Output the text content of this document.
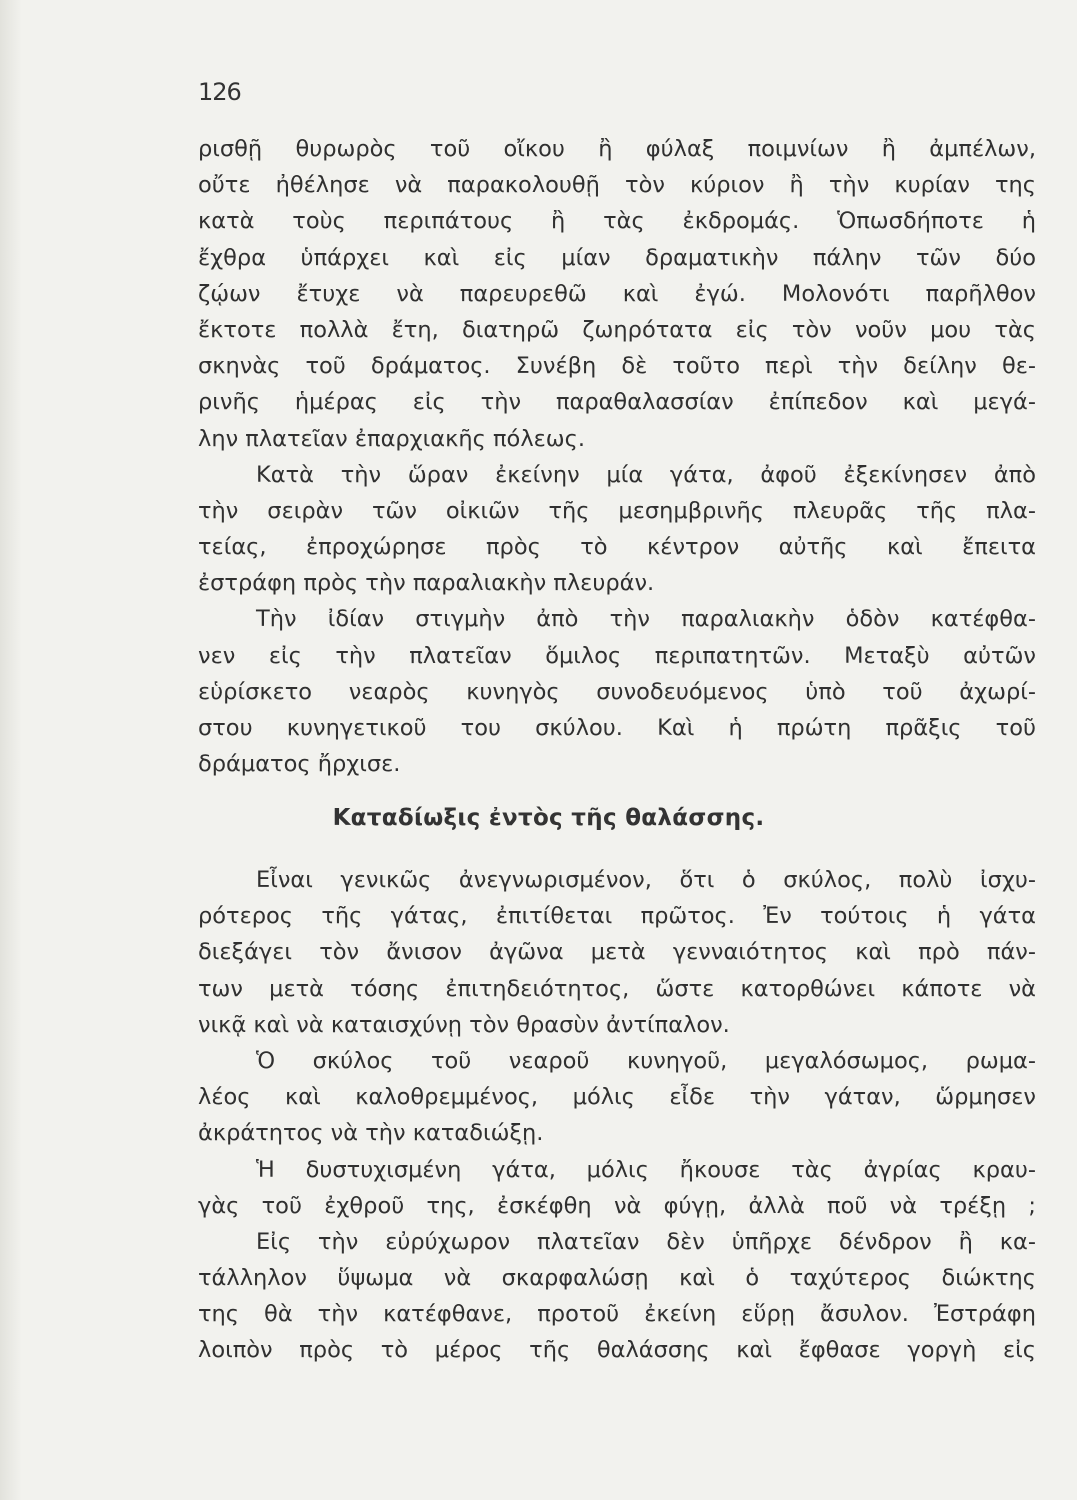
126
ρισθῇ θυρωρὸς τοῦ οἴκου ἢ φύλαξ ποιμνίων ἢ ἀμπέλων,
οὔτε ἠθέλησε νὰ παρακολουθῇ τὸν κύριον ἢ τὴν κυρίαν της
κατὰ τοὺς περιπάτους ἢ τὰς ἐκδρομάς. Ὁπωσδήποτε ἡ
ἔχθρα ὑπάρχει καὶ εἰς μίαν δραματικὴν πάλην τῶν δύο
ζῴων ἔτυχε νὰ παρευρεθῶ καὶ ἐγώ. Μολονότι παρῆλθον
ἔκτοτε πολλὰ ἔτη, διατηρῶ ζωηρότατα εἰς τὸν νοῦν μου τὰς
σκηνὰς τοῦ δράματος. Συνέβη δὲ τοῦτο περὶ τὴν δείλην θε-
ρινῆς ἡμέρας εἰς τὴν παραθαλασσίαν ἐπίπεδον καὶ μεγά-
λην πλατεῖαν ἐπαρχιακῆς πόλεως.
Κατὰ τὴν ὥραν ἐκείνην μία γάτα, ἀφοῦ ἐξεκίνησεν ἀπὸ
τὴν σειρὰν τῶν οἰκιῶν τῆς μεσημβρινῆς πλευρᾶς τῆς πλα-
τείας, ἐπροχώρησε πρὸς τὸ κέντρον αὐτῆς καὶ ἔπειτα
ἐστράφη πρὸς τὴν παραλιακὴν πλευράν.
Τὴν ἰδίαν στιγμὴν ἀπὸ τὴν παραλιακὴν ὁδὸν κατέφθα-
νεν εἰς τὴν πλατεῖαν ὅμιλος περιπατητῶν. Μεταξὺ αὐτῶν
εὑρίσκετο νεαρὸς κυνηγὸς συνοδευόμενος ὑπὸ τοῦ ἀχωρί-
στου κυνηγετικοῦ του σκύλου. Καὶ ἡ πρώτη πρᾶξις τοῦ
δράματος ἤρχισε.
Καταδίωξις ἐντὸς τῆς θαλάσσης.
Εἶναι γενικῶς ἀνεγνωρισμένον, ὅτι ὁ σκύλος, πολὺ ἰσχυ-
ρότερος τῆς γάτας, ἐπιτίθεται πρῶτος. Ἐν τούτοις ἡ γάτα
διεξάγει τὸν ἄνισον ἀγῶνα μετὰ γενναιότητος καὶ πρὸ πάν-
των μετὰ τόσης ἐπιτηδειότητος, ὥστε κατορθώνει κάποτε νὰ
νικᾷ καὶ νὰ καταισχύνῃ τὸν θρασὺν ἀντίπαλον.
Ὁ σκύλος τοῦ νεαροῦ κυνηγοῦ, μεγαλόσωμος, ρωμα-
λέος καὶ καλοθρεμμένος, μόλις εἶδε τὴν γάταν, ὥρμησεν
ἀκράτητος νὰ τὴν καταδιώξῃ.
Ἡ δυστυχισμένη γάτα, μόλις ἤκουσε τὰς ἀγρίας κραυ-
γὰς τοῦ ἐχθροῦ της, ἐσκέφθη νὰ φύγῃ, ἀλλὰ ποῦ νὰ τρέξῃ ;
Εἰς τὴν εὐρύχωρον πλατεῖαν δὲν ὑπῆρχε δένδρον ἢ κα-
τάλληλον ὕψωμα νὰ σκαρφαλώσῃ καὶ ὁ ταχύτερος διώκτης
της θὰ τὴν κατέφθανε, προτοῦ ἐκείνη εὕρῃ ἄσυλον. Ἐστράφη
λοιπὸν πρὸς τὸ μέρος τῆς θαλάσσης καὶ ἔφθασε γοργὴ εἰς
